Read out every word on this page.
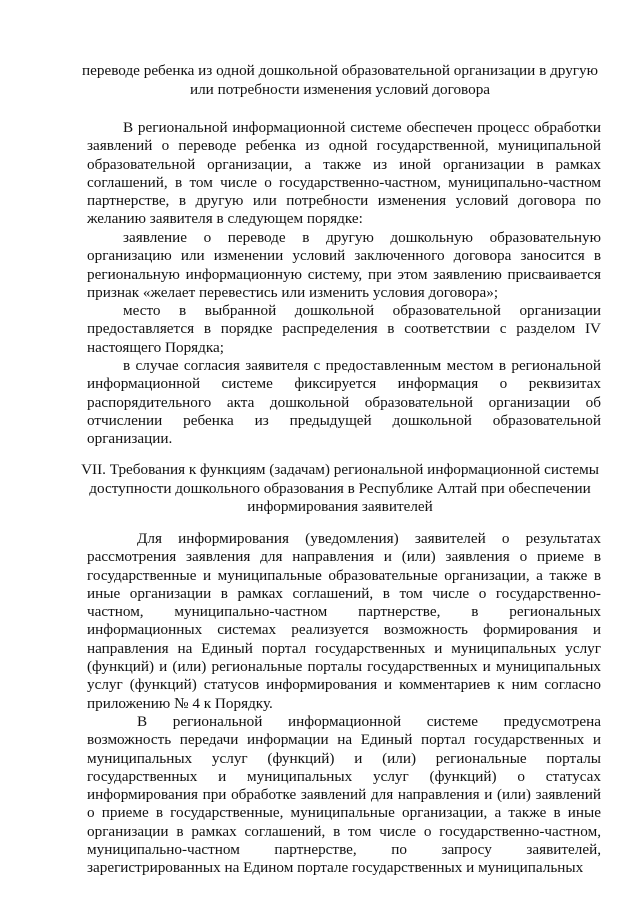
переводе ребенка из одной дошкольной образовательной организации в другую или потребности изменения условий договора
В региональной информационной системе обеспечен процесс обработки заявлений о переводе ребенка из одной государственной, муниципальной образовательной организации, а также из иной организации в рамках соглашений, в том числе о государственно-частном, муниципально-частном партнерстве, в другую или потребности изменения условий договора по желанию заявителя в следующем порядке:
заявление о переводе в другую дошкольную образовательную организацию или изменении условий заключенного договора заносится в региональную информационную систему, при этом заявлению присваивается признак «желает перевестись или изменить условия договора»;
место в выбранной дошкольной образовательной организации предоставляется в порядке распределения в соответствии с разделом IV настоящего Порядка;
в случае согласия заявителя с предоставленным местом в региональной информационной системе фиксируется информация о реквизитах распорядительного акта дошкольной образовательной организации об отчислении ребенка из предыдущей дошкольной образовательной организации.
VII. Требования к функциям (задачам) региональной информационной системы доступности дошкольного образования в Республике Алтай при обеспечении информирования заявителей
Для информирования (уведомления) заявителей о результатах рассмотрения заявления для направления и (или) заявления о приеме в государственные и муниципальные образовательные организации, а также в иные организации в рамках соглашений, в том числе о государственно-частном, муниципально-частном партнерстве, в региональных информационных системах реализуется возможность формирования и направления на Единый портал государственных и муниципальных услуг (функций) и (или) региональные порталы государственных и муниципальных услуг (функций) статусов информирования и комментариев к ним согласно приложению № 4 к Порядку.
В региональной информационной системе предусмотрена возможность передачи информации на Единый портал государственных и муниципальных услуг (функций) и (или) региональные порталы государственных и муниципальных услуг (функций) о статусах информирования при обработке заявлений для направления и (или) заявлений о приеме в государственные, муниципальные организации, а также в иные организации в рамках соглашений, в том числе о государственно-частном, муниципально-частном партнерстве, по запросу заявителей, зарегистрированных на Едином портале государственных и муниципальных
